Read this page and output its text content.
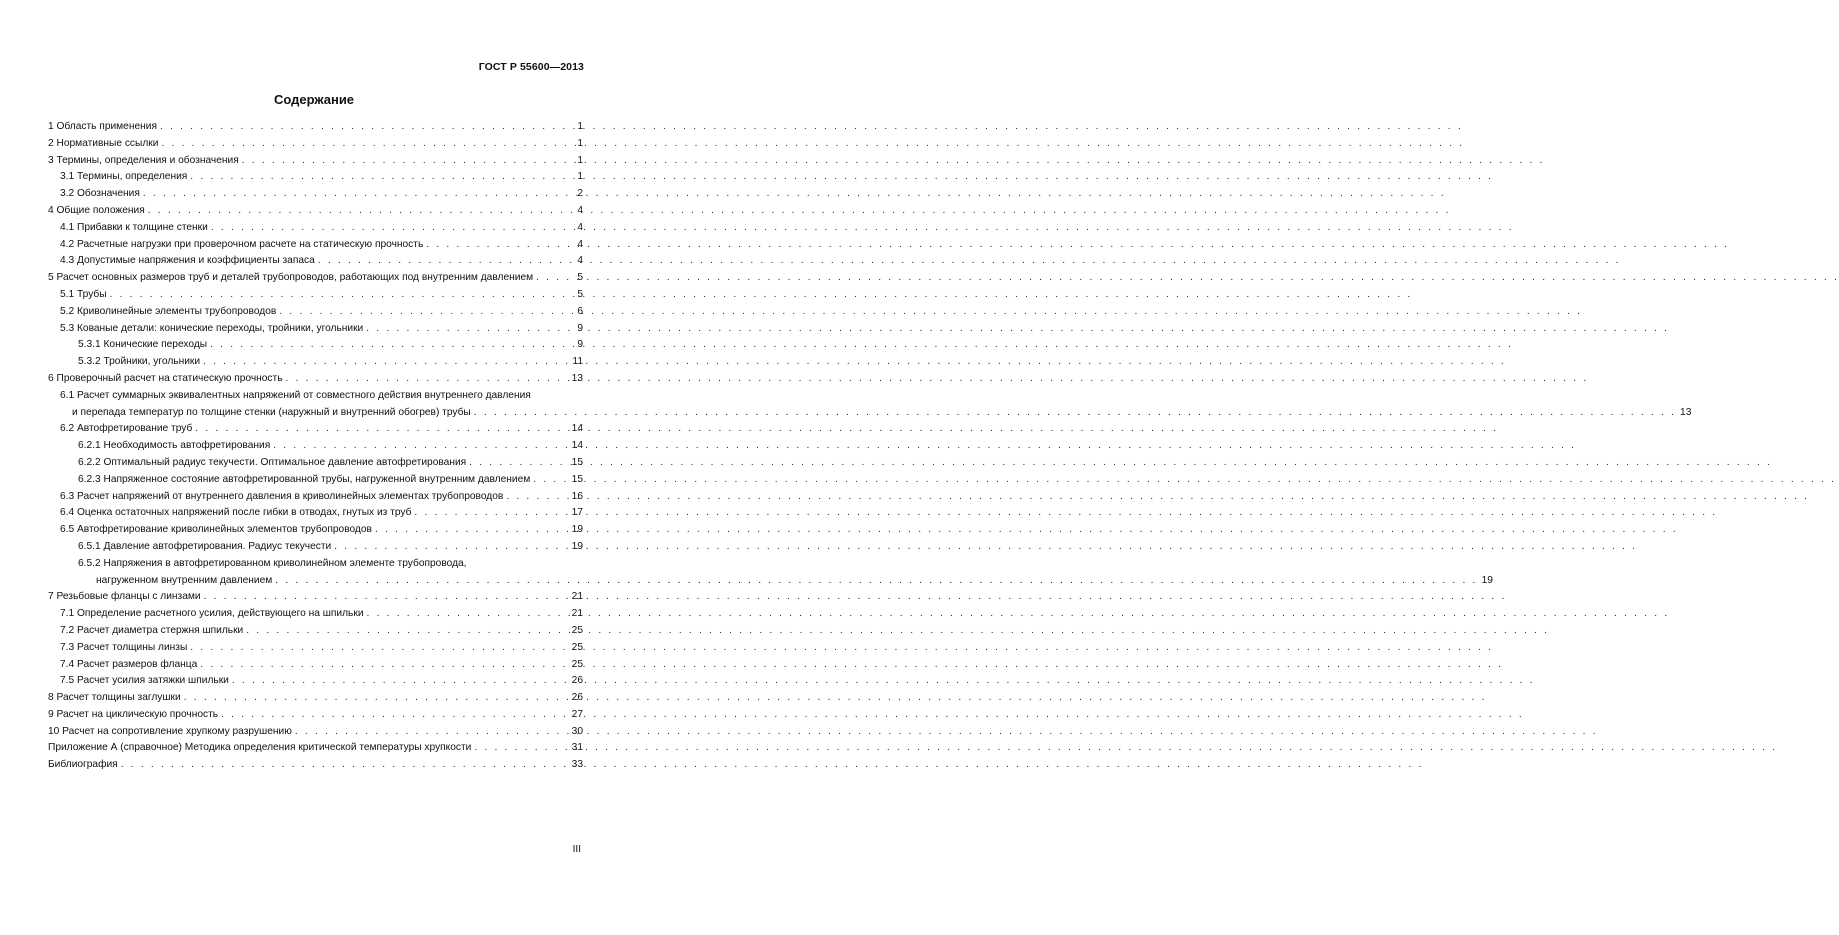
ГОСТ Р 55600—2013
Содержание
1 Область применения . . .	1
2 Нормативные ссылки . . .	1
3 Термины, определения и обозначения . . .	1
3.1 Термины, определения . . .	1
3.2 Обозначения . . .	2
4 Общие положения . . .	4
4.1 Прибавки к толщине стенки . . .	4
4.2 Расчетные нагрузки при проверочном расчете на статическую прочность . . .	4
4.3 Допустимые напряжения и коэффициенты запаса . . .	4
5 Расчет основных размеров труб и деталей трубопроводов, работающих под внутренним давлением . . .	5
5.1 Трубы . . .	5
5.2 Криволинейные элементы трубопроводов . . .	6
5.3 Кованые детали: конические переходы, тройники, угольники . . .	9
5.3.1 Конические переходы . . .	9
5.3.2 Тройники, угольники . . .	11
6 Проверочный расчет на статическую прочность . . .	13
6.1 Расчет суммарных эквивалентных напряжений от совместного действия внутреннего давления
и перепада температур по толщине стенки (наружный и внутренний обогрев) трубы . . . . . . . . . . . . . . . . . . . . . . . . . . . . . . . . . . . . . . . . . . . . . . . . . . . . . . . . . . . . . . . . . . . . . . . . . . . . . . . . . . . . . . . . . . . . . . . . . . . . . . . . . . . . . . . . . . . . . . . . 13
6.2 Автофретирование труб . . .	14
6.2.1 Необходимость автофретирования . . .	14
6.2.2 Оптимальный радиус текучести. Оптимальное давление автофретирования . . .	15
6.2.3 Напряженное состояние автофретированной трубы, нагруженной внутренним давлением . . .	15
6.3 Расчет напряжений от внутреннего давления в криволинейных элементах трубопроводов . . .	16
6.4 Оценка остаточных напряжений после гибки в отводах, гнутых из труб . . .	17
6.5 Автофретирование криволинейных элементов трубопроводов . . .	19
6.5.1 Давление автофретирования. Радиус текучести . . .	19
6.5.2 Напряжения в автофретированном криволинейном элементе трубопровода,
нагруженном внутренним давлением . . . . . . . . . . . . . . . . . . . . . . . . . . . . . . . . . . . . . . . . . . . . . . . . . . . . . . . . . . . . . . . . . . . . . . . . . . . . . . . . . . . . . . . . . . . . . . . . . . . . . . . . . . . . . . . . . . . . . . . . 19
7 Резьбовые фланцы с линзами . . .	21
7.1 Определение расчетного усилия, действующего на шпильки . . .	21
7.2 Расчет диаметра стержня шпильки . . .	25
7.3 Расчет толщины линзы . . .	25
7.4 Расчет размеров фланца . . .	25
7.5 Расчет усилия затяжки шпильки . . .	26
8 Расчет толщины заглушки . . .	26
9 Расчет на циклическую прочность . . .	27
10 Расчет на сопротивление хрупкому разрушению . . .	30
Приложение А (справочное) Методика определения критической температуры хрупкости . . .	31
Библиография . . .	33
III
